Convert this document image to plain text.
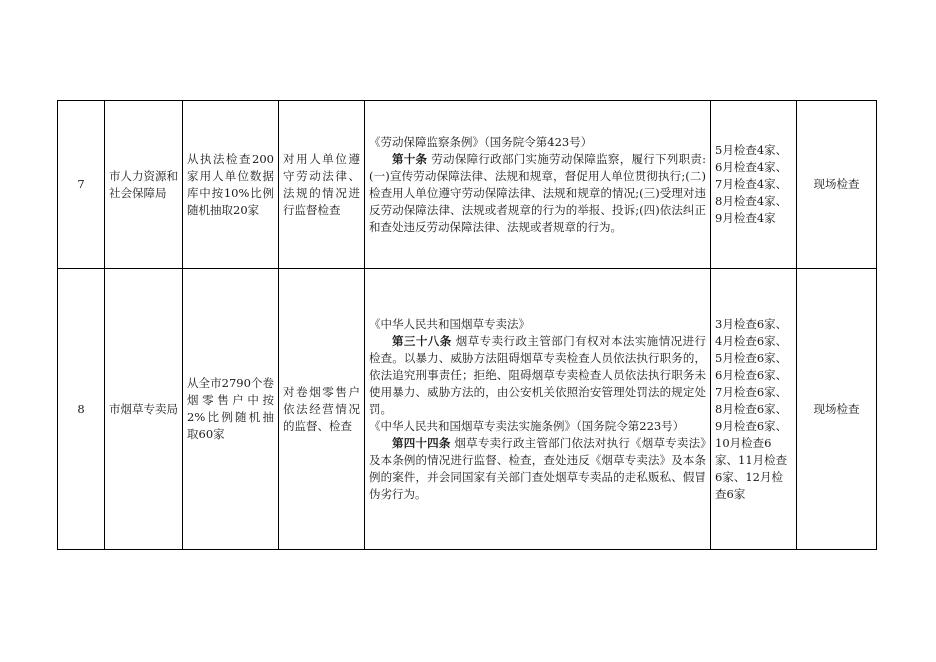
7	市人力资源和社会保障局	从执法检查200家用人单位数据库中按10%比例随机抽取20家	对用人单位遵守劳动法律、法规的情况进行监督检查	《劳动保障监察条例》（国务院令第423号）

第十条 劳动保障行政部门实施劳动保障监察，履行下列职责:(一)宣传劳动保障法律、法规和规章，督促用人单位贯彻执行;(二)检查用人单位遵守劳动保障法律、法规和规章的情况;(三)受理对违反劳动保障法律、法规或者规章的行为的举报、投诉;(四)依法纠正和查处违反劳动保障法律、法规或者规章的行为。	5月检查4家、6月检查4家、7月检查4家、8月检查4家、9月检查4家	现场检查
8	市烟草专卖局	从全市2790个卷烟零售户中按2%比例随机抽取60家	对卷烟零售户依法经营情况的监督、检查	《中华人民共和国烟草专卖法》

第三十八条 烟草专卖行政主管部门有权对本法实施情况进行检查。以暴力、威胁方法阻碍烟草专卖检查人员依法执行职务的，依法追究刑事责任；拒绝、阻碍烟草专卖检查人员依法执行职务未使用暴力、威胁方法的，由公安机关依照治安管理处罚法的规定处罚。

《中华人民共和国烟草专卖法实施条例》（国务院令第223号）

第四十四条 烟草专卖行政主管部门依法对执行《烟草专卖法》及本条例的情况进行监督、检查，查处违反《烟草专卖法》及本条例的案件，并会同国家有关部门查处烟草专卖品的走私贩私、假冒伪劣行为。	3月检查6家、4月检查6家、5月检查6家、6月检查6家、7月检查6家、8月检查6家、9月检查6家、10月检查6家、11月检查6家、12月检查6家	现场检查
